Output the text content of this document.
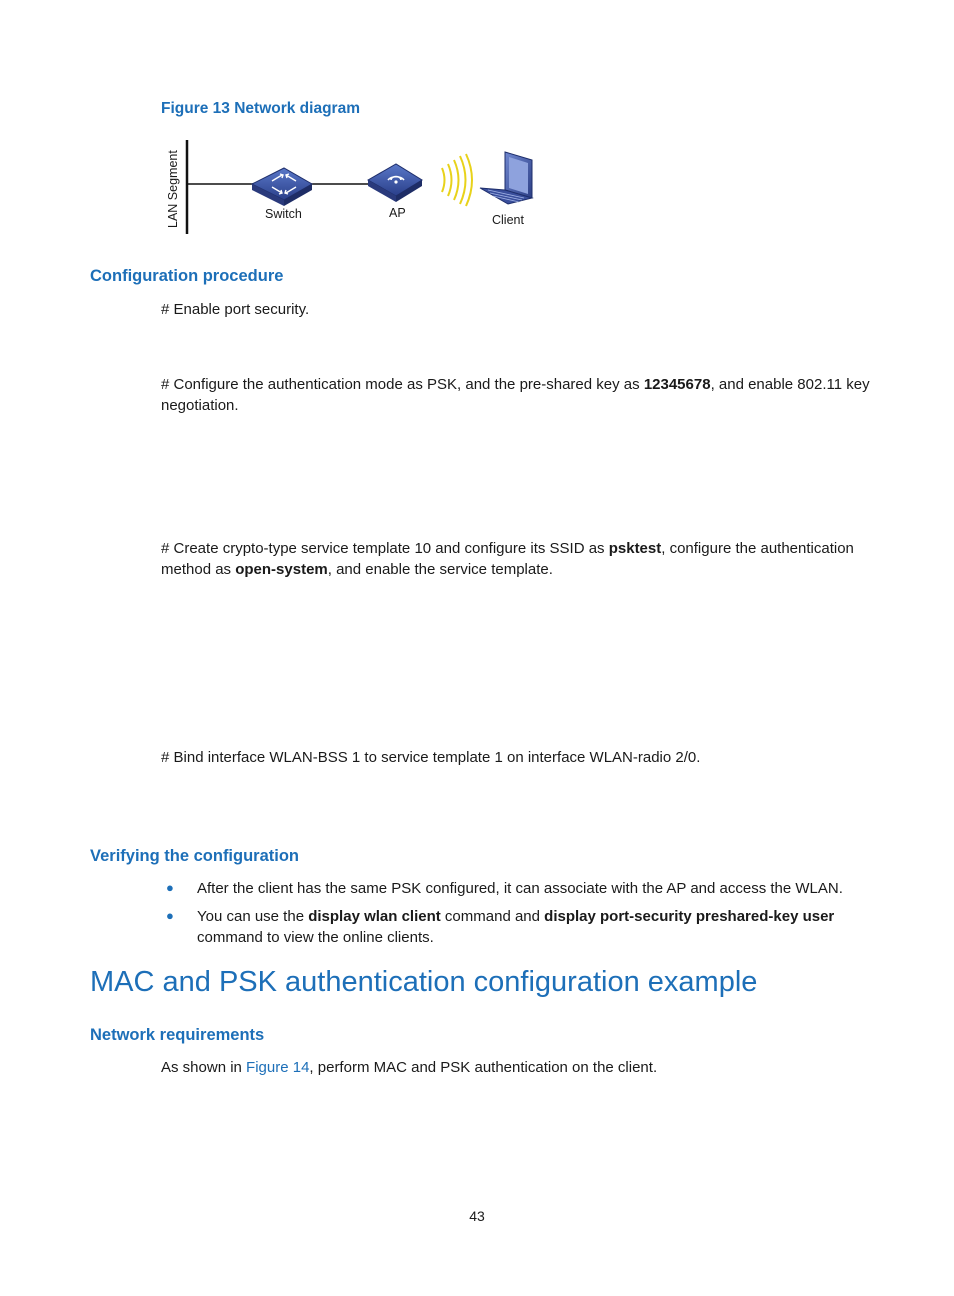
Figure 13 Network diagram
LAN Segment	Switch	AP	Client
Configuration procedure
# Enable port security.
# Configure the authentication mode as PSK, and the pre-shared key as 12345678, and enable 802.11 key negotiation.
# Create crypto-type service template 10 and configure its SSID as psktest, configure the authentication method as open-system, and enable the service template.
# Bind interface WLAN-BSS 1 to service template 1 on interface WLAN-radio 2/0.
Verifying the configuration
● After the client has the same PSK configured, it can associate with the AP and access the WLAN.
● You can use the display wlan client command and display port-security preshared-key user command to view the online clients.
MAC and PSK authentication configuration example
Network requirements
As shown in Figure 14, perform MAC and PSK authentication on the client.
43
